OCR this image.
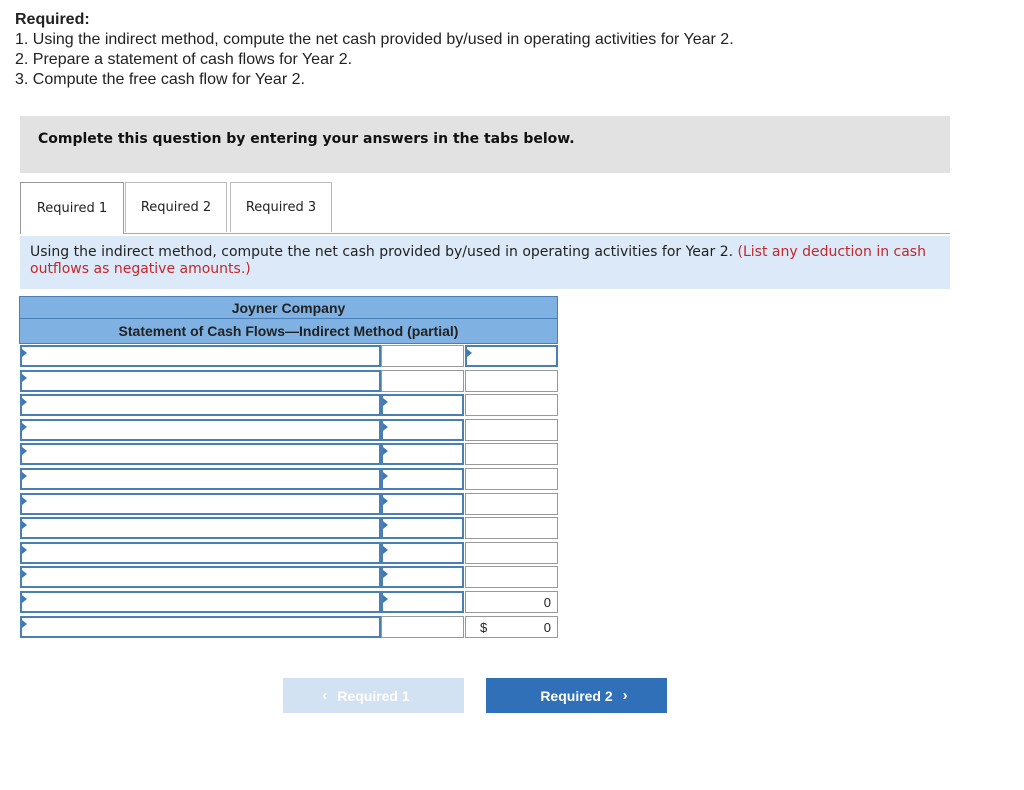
Required:
1. Using the indirect method, compute the net cash provided by/used in operating activities for Year 2.
2. Prepare a statement of cash flows for Year 2.
3. Compute the free cash flow for Year 2.
Complete this question by entering your answers in the tabs below.
Required 1	Required 2	Required 3
Using the indirect method, compute the net cash provided by/used in operating activities for Year 2. (List any deduction in cash outflows as negative amounts.)
Joyner Company
Statement of Cash Flows—Indirect Method (partial)
0
$	0
‹ Required 1	Required 2 ›
